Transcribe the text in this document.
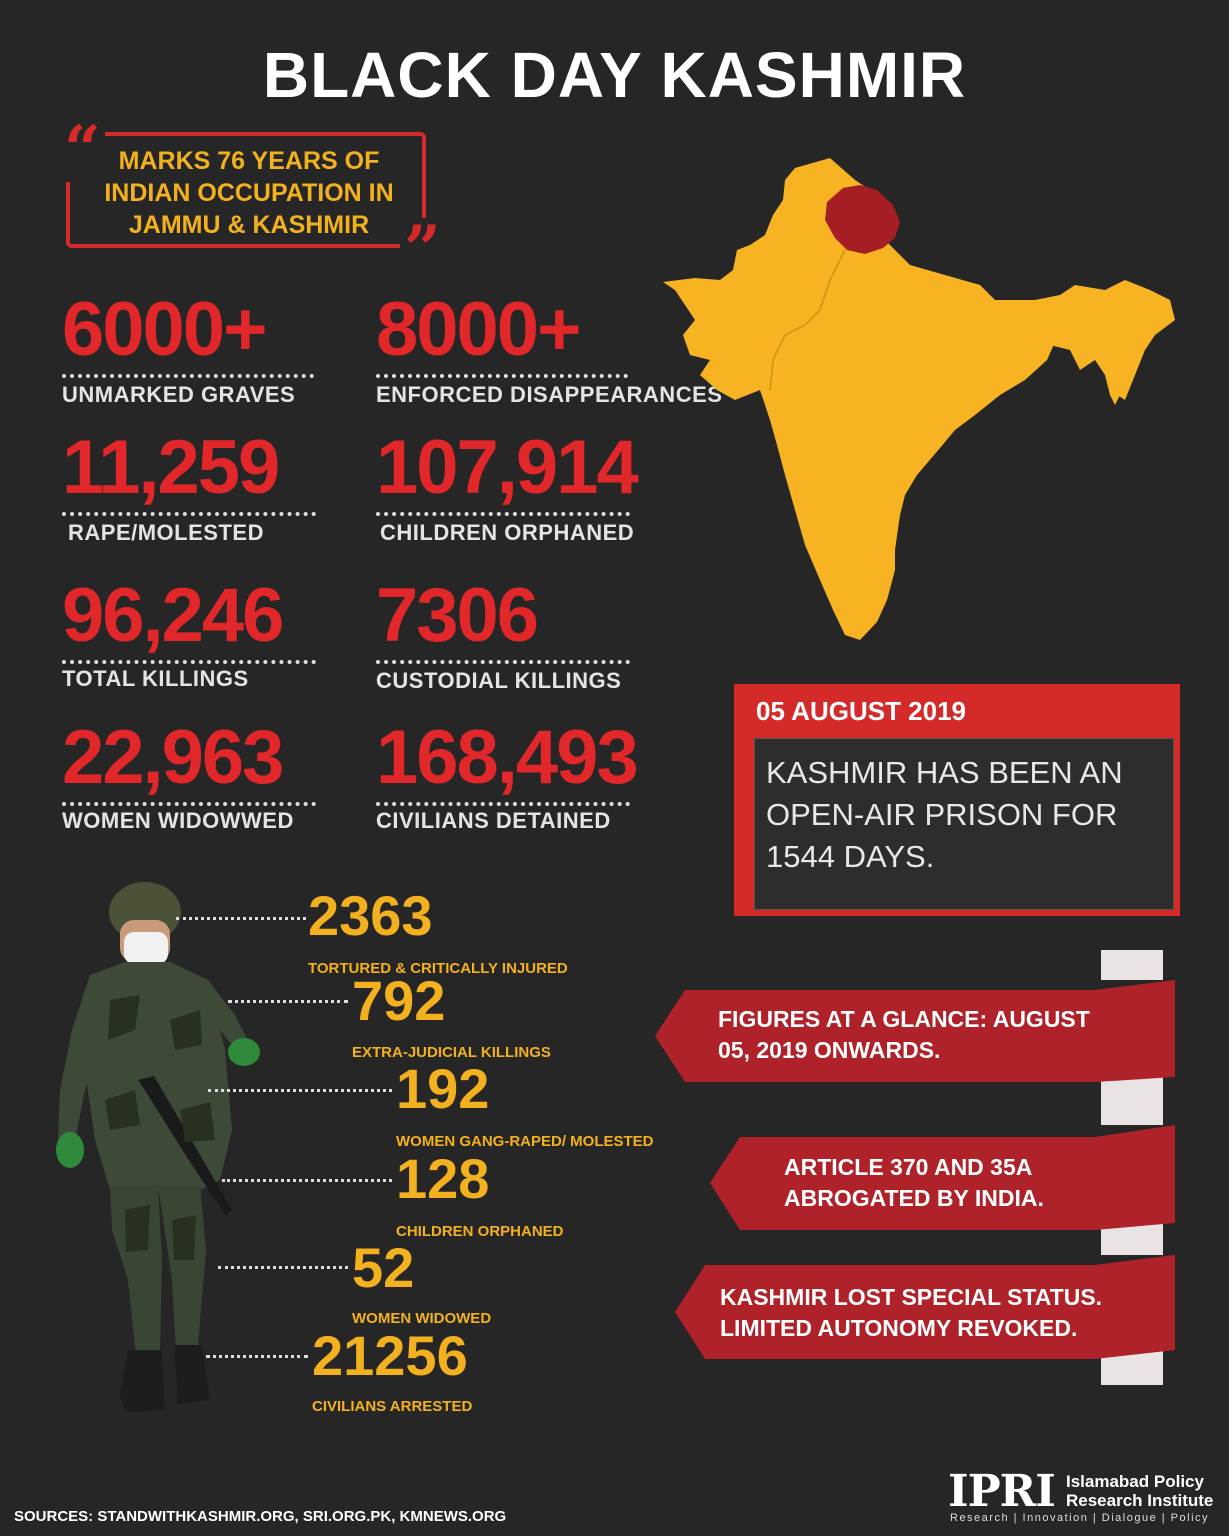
BLACK DAY KASHMIR
“
”
MARKS 76 YEARS OF INDIAN OCCUPATION IN JAMMU & KASHMIR
6000+
UNMARKED GRAVES
8000+
ENFORCED DISAPPEARANCES
11,259
RAPE/MOLESTED
107,914
CHILDREN ORPHANED
96,246
TOTAL KILLINGS
7306
CUSTODIAL KILLINGS
22,963
WOMEN WIDOWWED
168,493
CIVILIANS DETAINED
05 AUGUST 2019
KASHMIR HAS BEEN AN OPEN-AIR PRISON FOR 1544 DAYS.
2363
TORTURED & CRITICALLY INJURED
792
EXTRA-JUDICIAL KILLINGS
192
WOMEN GANG-RAPED/ MOLESTED
128
CHILDREN ORPHANED
52
WOMEN WIDOWED
21256
CIVILIANS ARRESTED
FIGURES AT A GLANCE: AUGUST 05, 2019 ONWARDS.
ARTICLE 370 AND 35A ABROGATED BY INDIA.
KASHMIR LOST SPECIAL STATUS. LIMITED AUTONOMY REVOKED.
SOURCES: STANDWITHKASHMIR.ORG, SRI.ORG.PK, KMNEWS.ORG	IPRI Islamabad Policy
Research Institute
Research | Innovation | Dialogue | Policy
